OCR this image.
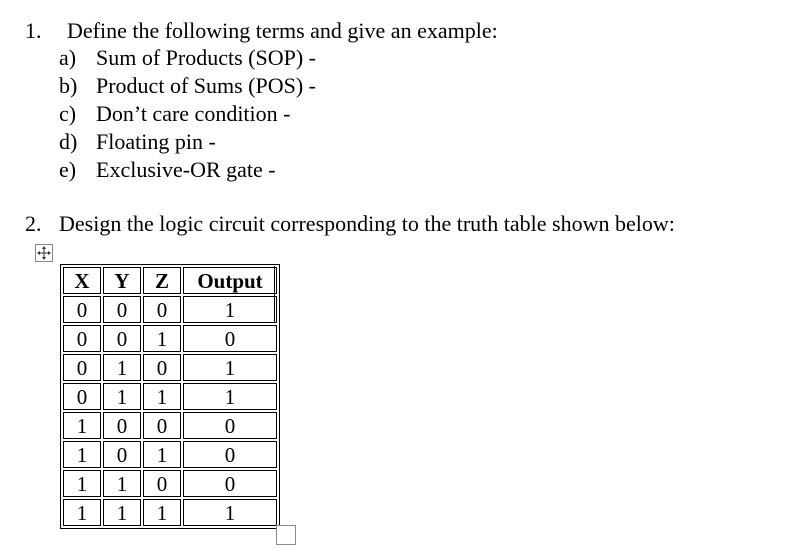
1. Define the following terms and give an example:
a) Sum of Products (SOP) -
b) Product of Sums (POS) -
c) Don’t care condition -
d) Floating pin -
e) Exclusive-OR gate -
2. Design the logic circuit corresponding to the truth table shown below:
X	Y	Z	Output
0	0	0	1
0	0	1	0
0	1	0	1
0	1	1	1
1	0	0	0
1	0	1	0
1	1	0	0
1	1	1	1
